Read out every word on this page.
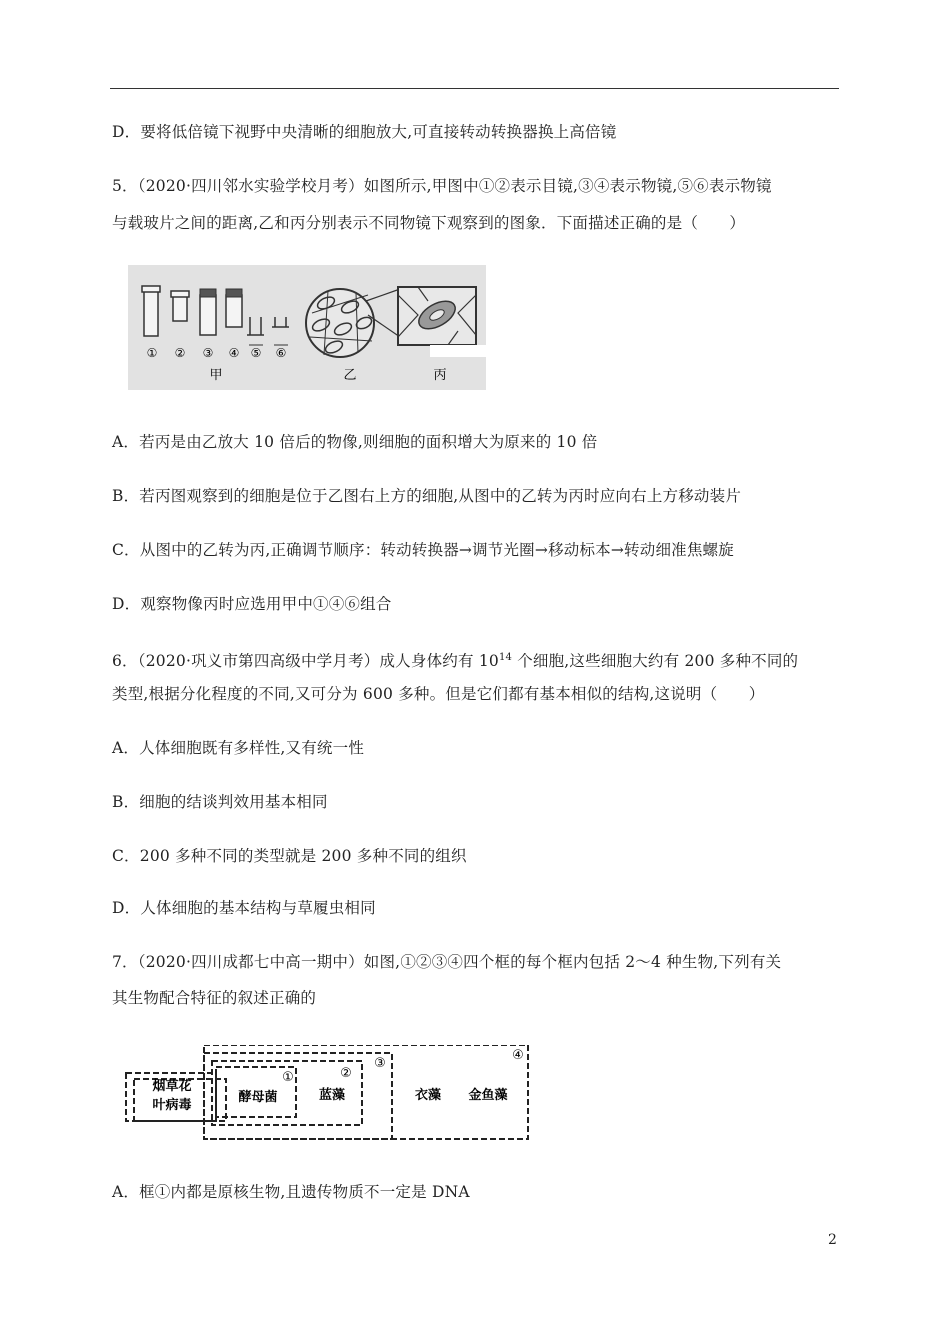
D．要将低倍镜下视野中央清晰的细胞放大,可直接转动转换器换上高倍镜
5．（2020·四川邻水实验学校月考）如图所示,甲图中①②表示目镜,③④表示物镜,⑤⑥表示物镜
与载玻片之间的距离,乙和丙分别表示不同物镜下观察到的图象．下面描述正确的是（　　）
① ② ③ ④ ⑤ ⑥
甲	乙	丙
A．若丙是由乙放大 10 倍后的物像,则细胞的面积增大为原来的 10 倍
B．若丙图观察到的细胞是位于乙图右上方的细胞,从图中的乙转为丙时应向右上方移动装片
C．从图中的乙转为丙,正确调节顺序：转动转换器→调节光圈→移动标本→转动细准焦螺旋
D．观察物像丙时应选用甲中①④⑥组合
6．（2020·巩义市第四高级中学月考）成人身体约有 $10^{14}$ 个细胞,这些细胞大约有 200 多种不同的
类型,根据分化程度的不同,又可分为 600 多种。但是它们都有基本相似的结构,这说明（　　）
A．人体细胞既有多样性,又有统一性
B．细胞的结谈判效用基本相同
C．200 多种不同的类型就是 200 多种不同的组织
D．人体细胞的基本结构与草履虫相同
7．（2020·四川成都七中高一期中）如图,①②③④四个框的每个框内包括 2～4 种生物,下列有关
其生物配合特征的叙述正确的
烟草花
叶病毒
酵母菌	蓝藻	衣藻 金鱼藻
①	②
③
④
A．框①内都是原核生物,且遗传物质不一定是 DNA
2
